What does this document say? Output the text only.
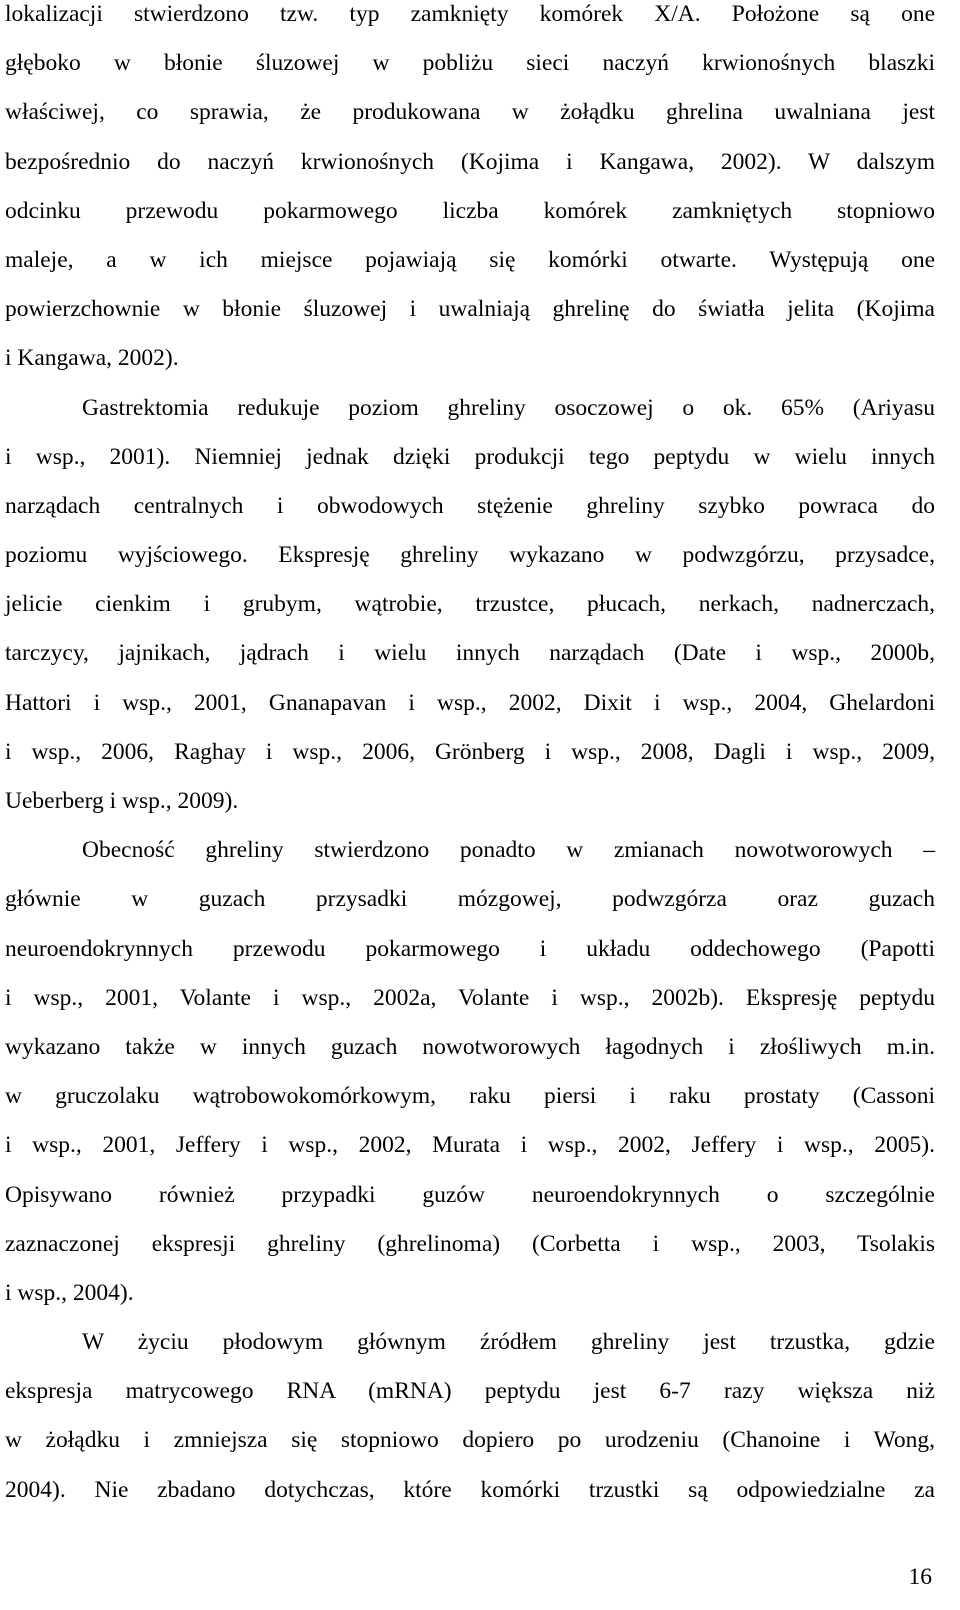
lokalizacji stwierdzono tzw. typ zamknięty komórek X/A. Położone są one
głęboko w błonie śluzowej w pobliżu sieci naczyń krwionośnych blaszki
właściwej, co sprawia, że produkowana w żołądku ghrelina uwalniana jest
bezpośrednio do naczyń krwionośnych (Kojima i Kangawa, 2002). W dalszym
odcinku przewodu pokarmowego liczba komórek zamkniętych stopniowo
maleje, a w ich miejsce pojawiają się komórki otwarte. Występują one
powierzchownie w błonie śluzowej i uwalniają ghrelinę do światła jelita (Kojima
i Kangawa, 2002).
Gastrektomia redukuje poziom ghreliny osoczowej o ok. 65% (Ariyasu
i wsp., 2001). Niemniej jednak dzięki produkcji tego peptydu w wielu innych
narządach centralnych i obwodowych stężenie ghreliny szybko powraca do
poziomu wyjściowego. Ekspresję ghreliny wykazano w podwzgórzu, przysadce,
jelicie cienkim i grubym, wątrobie, trzustce, płucach, nerkach, nadnerczach,
tarczycy, jajnikach, jądrach i wielu innych narządach (Date i wsp., 2000b,
Hattori i wsp., 2001, Gnanapavan i wsp., 2002, Dixit i wsp., 2004, Ghelardoni
i wsp., 2006, Raghay i wsp., 2006, Grönberg i wsp., 2008, Dagli i wsp., 2009,
Ueberberg i wsp., 2009).
Obecność ghreliny stwierdzono ponadto w zmianach nowotworowych –
głównie w guzach przysadki mózgowej, podwzgórza oraz guzach
neuroendokrynnych przewodu pokarmowego i układu oddechowego (Papotti
i wsp., 2001, Volante i wsp., 2002a, Volante i wsp., 2002b). Ekspresję peptydu
wykazano także w innych guzach nowotworowych łagodnych i złośliwych m.in.
w gruczolaku wątrobowokomórkowym, raku piersi i raku prostaty (Cassoni
i wsp., 2001, Jeffery i wsp., 2002, Murata i wsp., 2002, Jeffery i wsp., 2005).
Opisywano również przypadki guzów neuroendokrynnych o szczególnie
zaznaczonej ekspresji ghreliny (ghrelinoma) (Corbetta i wsp., 2003, Tsolakis
i wsp., 2004).
W życiu płodowym głównym źródłem ghreliny jest trzustka, gdzie
ekspresja matrycowego RNA (mRNA) peptydu jest 6-7 razy większa niż
w żołądku i zmniejsza się stopniowo dopiero po urodzeniu (Chanoine i Wong,
2004). Nie zbadano dotychczas, które komórki trzustki są odpowiedzialne za
16
